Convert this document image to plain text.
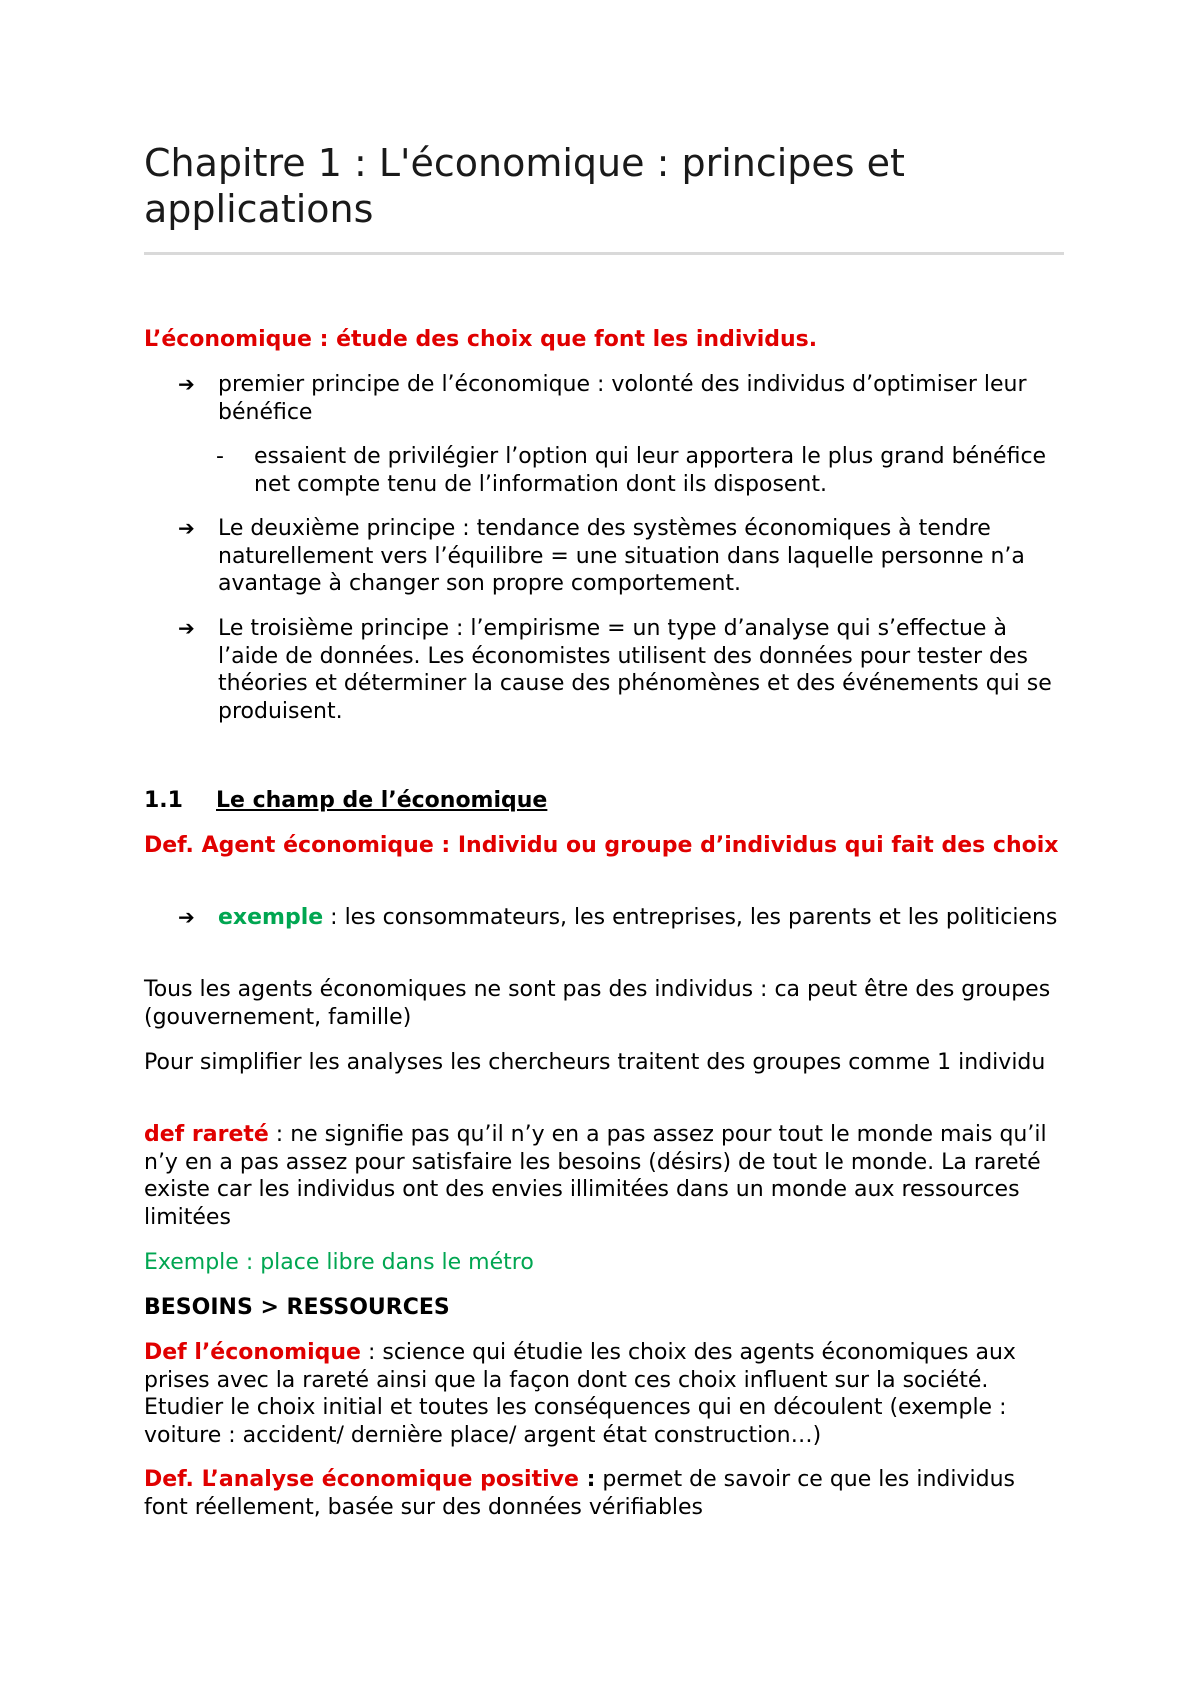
Chapitre 1 : L'économique : principes et applications
L’économique : étude des choix que font les individus.
➔	premier principe de l’économique : volonté des individus d’optimiser leur bénéfice
- essaient de privilégier l’option qui leur apportera le plus grand bénéfice net compte tenu de l’information dont ils disposent.
➔	Le deuxième principe : tendance des systèmes économiques à tendre naturellement vers l’équilibre = une situation dans laquelle personne n’a avantage à changer son propre comportement.
➔	Le troisième principe : l’empirisme = un type d’analyse qui s’effectue à l’aide de données. Les économistes utilisent des données pour tester des théories et déterminer la cause des phénomènes et des événements qui se produisent.
1.1 Le champ de l’économique
Def. Agent économique : Individu ou groupe d’individus qui fait des choix
➔	exemple : les consommateurs, les entreprises, les parents et les politiciens
Tous les agents économiques ne sont pas des individus : ca peut être des groupes (gouvernement, famille)
Pour simplifier les analyses les chercheurs traitent des groupes comme 1 individu
def rareté : ne signifie pas qu’il n’y en a pas assez pour tout le monde mais qu’il n’y en a pas assez pour satisfaire les besoins (désirs) de tout le monde. La rareté existe car les individus ont des envies illimitées dans un monde aux ressources limitées
Exemple : place libre dans le métro
BESOINS > RESSOURCES
Def l’économique : science qui étudie les choix des agents économiques aux prises avec la rareté ainsi que la façon dont ces choix influent sur la société. Etudier le choix initial et toutes les conséquences qui en découlent (exemple : voiture : accident/ dernière place/ argent état construction…)
Def. L’analyse économique positive : permet de savoir ce que les individus font réellement, basée sur des données vérifiables
